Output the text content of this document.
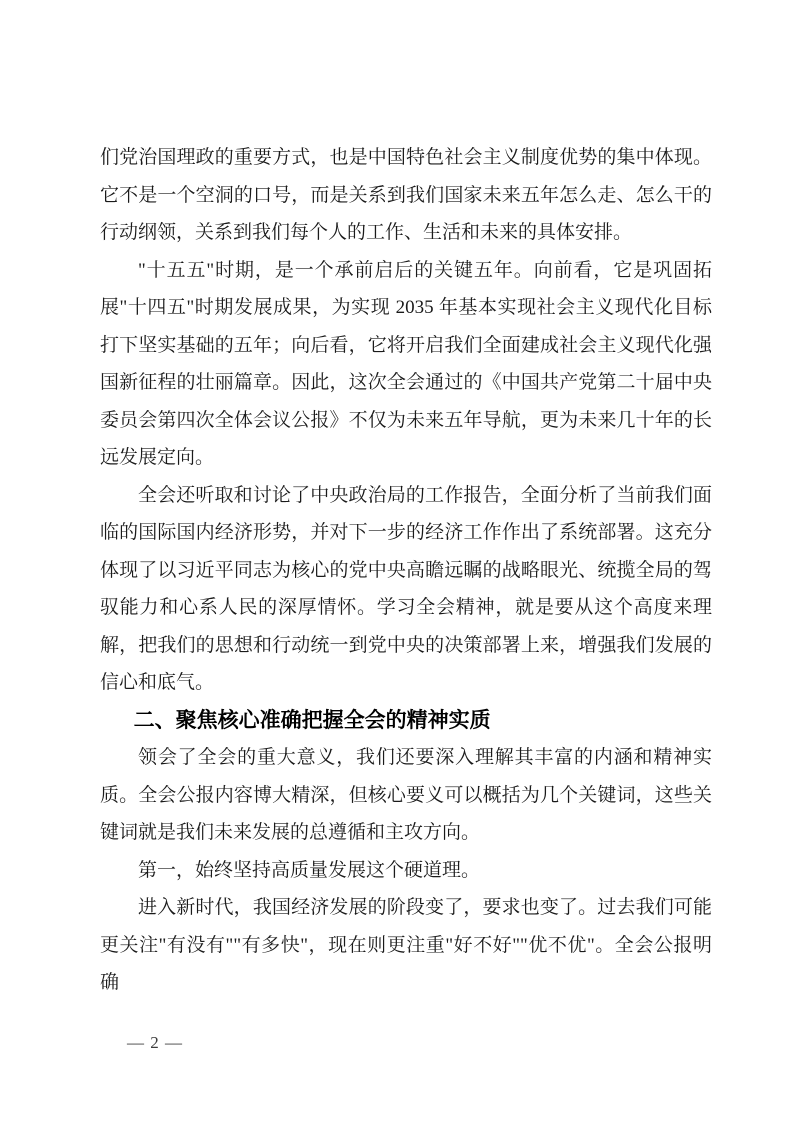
们党治国理政的重要方式，也是中国特色社会主义制度优势的集中体现。它不是一个空洞的口号，而是关系到我们国家未来五年怎么走、怎么干的行动纲领，关系到我们每个人的工作、生活和未来的具体安排。

"十五五"时期，是一个承前启后的关键五年。向前看，它是巩固拓展"十四五"时期发展成果，为实现 2035 年基本实现社会主义现代化目标打下坚实基础的五年；向后看，它将开启我们全面建成社会主义现代化强国新征程的壮丽篇章。因此，这次全会通过的《中国共产党第二十届中央委员会第四次全体会议公报》不仅为未来五年导航，更为未来几十年的长远发展定向。

全会还听取和讨论了中央政治局的工作报告，全面分析了当前我们面临的国际国内经济形势，并对下一步的经济工作作出了系统部署。这充分体现了以习近平同志为核心的党中央高瞻远瞩的战略眼光、统揽全局的驾驭能力和心系人民的深厚情怀。学习全会精神，就是要从这个高度来理解，把我们的思想和行动统一到党中央的决策部署上来，增强我们发展的信心和底气。

二、聚焦核心准确把握全会的精神实质

领会了全会的重大意义，我们还要深入理解其丰富的内涵和精神实质。全会公报内容博大精深，但核心要义可以概括为几个关键词，这些关键词就是我们未来发展的总遵循和主攻方向。

第一，始终坚持高质量发展这个硬道理。

进入新时代，我国经济发展的阶段变了，要求也变了。过去我们可能更关注"有没有""有多快"，现在则更注重"好不好""优不优"。全会公报明确

— 2 —
